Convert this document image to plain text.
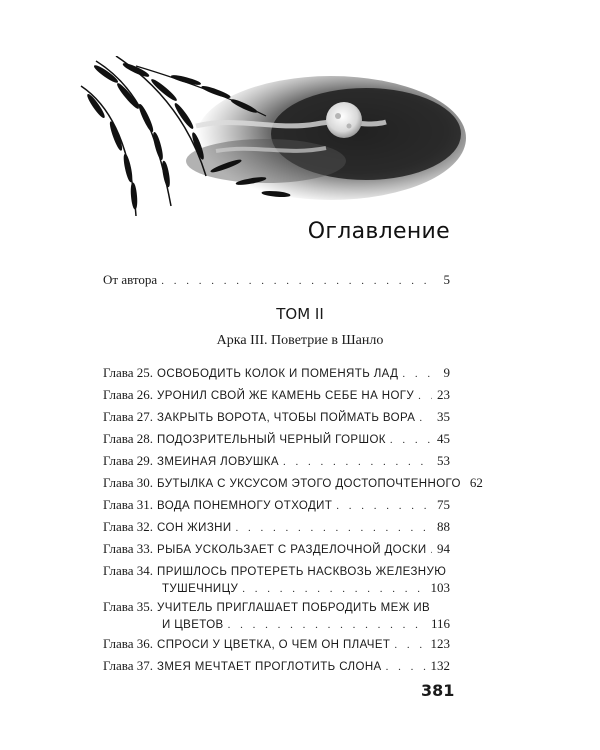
Оглавление
От автора . . .	5
ТОМ II
Арка III. Поветрие в Шанло
Глава 25. ОСВОБОДИТЬ КОЛОК И ПОМЕНЯТЬ ЛАД . . .	9
Глава 26. УРОНИЛ СВОЙ ЖЕ КАМЕНЬ СЕБЕ НА НОГУ . . . 23
Глава 27. ЗАКРЫТЬ ВОРОТА, ЧТОБЫ ПОЙМАТЬ ВОРА . . . 35
Глава 28. ПОДОЗРИТЕЛЬНЫЙ ЧЕРНЫЙ ГОРШОК . . .	45
Глава 29. ЗМЕИНАЯ ЛОВУШКА . . .	53
Глава 30. БУТЫЛКА С УКСУСОМ ЭТОГО ДОСТОПОЧТЕННОГО 62
Глава 31. ВОДА ПОНЕМНОГУ ОТХОДИТ . . .	75
Глава 32. СОН ЖИЗНИ . . .	88
Глава 33. РЫБА УСКОЛЬЗАЕТ С РАЗДЕЛОЧНОЙ ДОСКИ . . . 94
Глава 34. ПРИШЛОСЬ ПРОТЕРЕТЬ НАСКВОЗЬ ЖЕЛЕЗНУЮ
ТУШЕЧНИЦУ . . .	103
Глава 35. УЧИТЕЛЬ ПРИГЛАШАЕТ ПОБРОДИТЬ МЕЖ ИВ
И ЦВЕТОВ . . .	116
Глава 36. СПРОСИ У ЦВЕТКА, О ЧЕМ ОН ПЛАЧЕТ . . .	123
Глава 37. ЗМЕЯ МЕЧТАЕТ ПРОГЛОТИТЬ СЛОНА . . .	132
381
